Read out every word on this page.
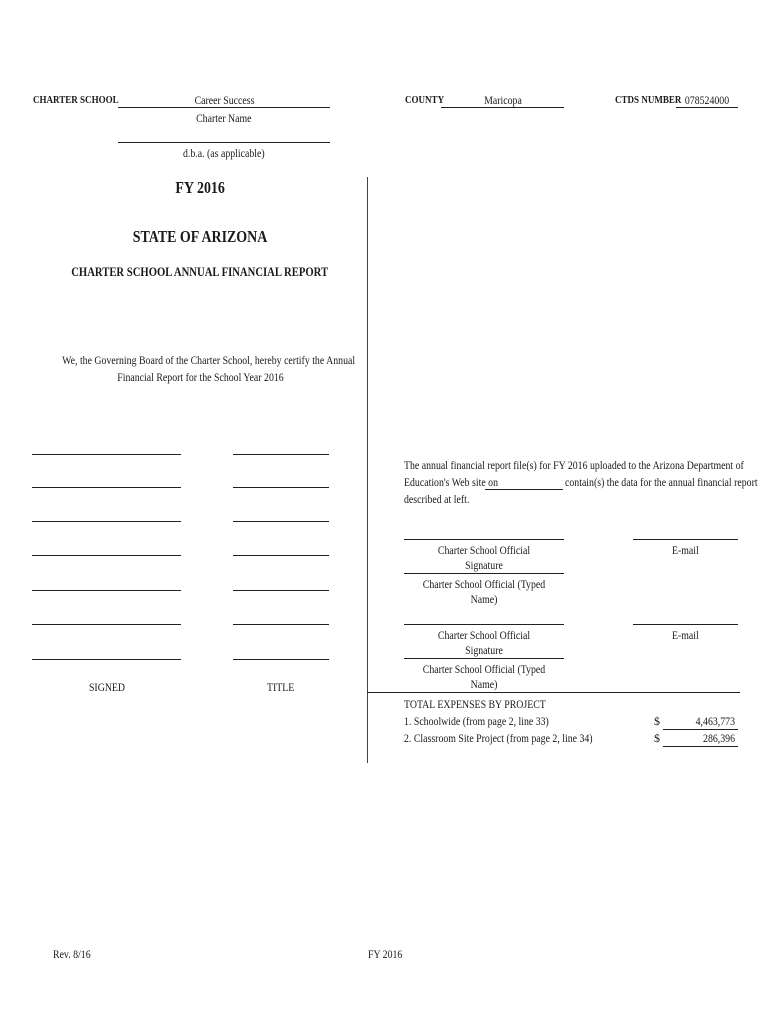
CHARTER SCHOOL	Career Success
Charter Name
d.b.a. (as applicable)
COUNTY	Maricopa	CTDS NUMBER 078524000
FY 2016
STATE OF ARIZONA
CHARTER SCHOOL ANNUAL FINANCIAL REPORT
We, the Governing Board of the Charter School, hereby certify the Annual
Financial Report for the School Year 2016
SIGNED	TITLE
The annual financial report file(s) for FY 2016 uploaded to the Arizona Department of
Education's Web site on	contain(s) the data for the annual financial report
described at left.
Charter School Official Signature
E-mail
Charter School Official (Typed Name)
Charter School Official Signature
E-mail
Charter School Official (Typed Name)
TOTAL EXPENSES BY PROJECT
1. Schoolwide (from page 2, line 33)	$	4,463,773
2. Classroom Site Project (from page 2, line 34)	$	286,396
Rev. 8/16	FY 2016
